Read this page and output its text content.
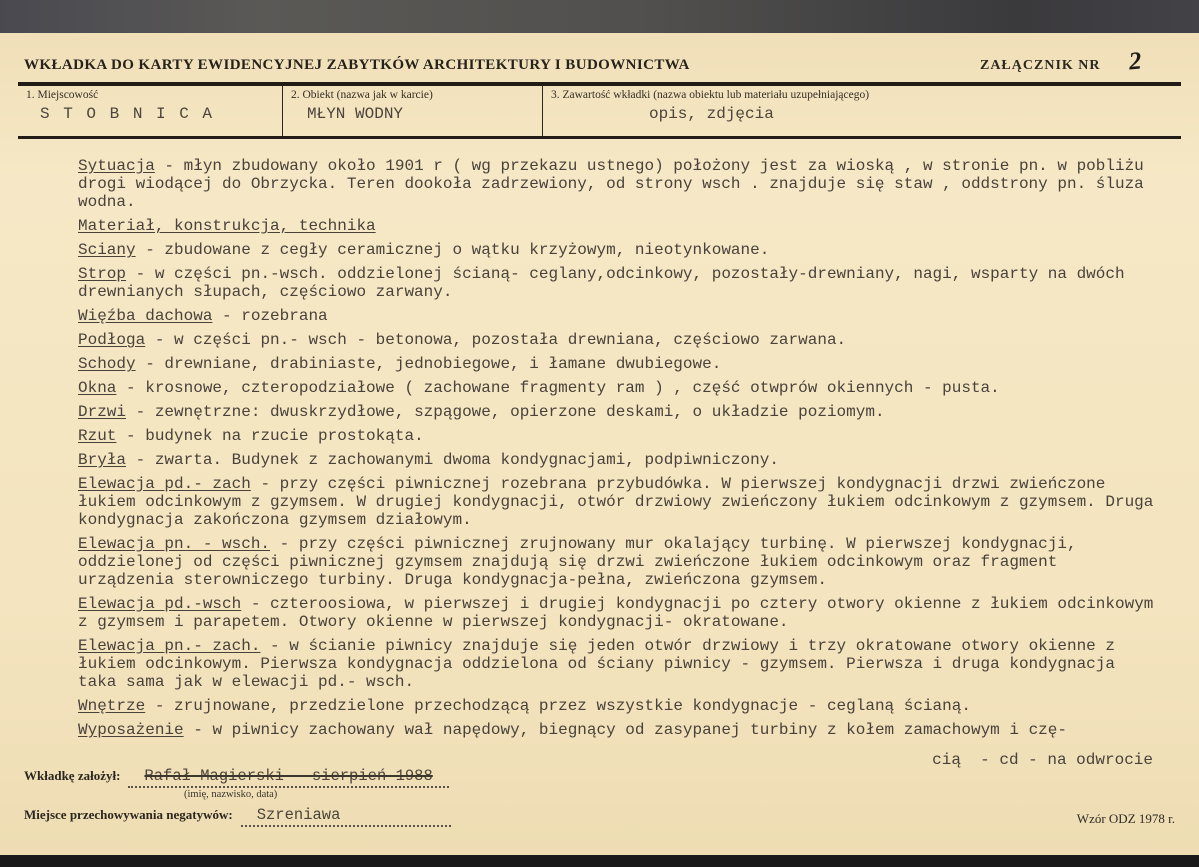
WKŁADKA DO KARTY EWIDENCYJNEJ ZABYTKÓW ARCHITEKTURY I BUDOWNICTWA	ZAŁĄCZNIK NR 2
1. Miejscowość
S T O B N I C A
2. Obiekt (nazwa jak w karcie)
MŁYN WODNY
3. Zawartość wkładki (nazwa obiektu lub materiału uzupełniającego)
opis, zdjęcia

Sytuacja - młyn zbudowany około 1901 r ( wg przekazu ustnego) położony jest za wioską , w stronie pn. w pobliżu drogi wiodącej do Obrzycka. Teren dookoła zadrzewiony, od strony wsch . znajduje się staw , oddstrony pn. śluza wodna.

Materiał, konstrukcja, technika

Sciany - zbudowane z cegły ceramicznej o wątku krzyżowym, nieotynkowane.

Strop - w części pn.-wsch. oddzielonej ścianą- ceglany,odcinkowy, pozostały-drewniany, nagi, wsparty na dwóch drewnianych słupach, częściowo zarwany.

Więźba dachowa - rozebrana

Podłoga - w części pn.- wsch - betonowa, pozostała drewniana, częściowo zarwana.

Schody - drewniane, drabiniaste, jednobiegowe, i łamane dwubiegowe.

Okna - krosnowe, czteropodziałowe ( zachowane fragmenty ram ) , część otwprów okiennych - pusta.

Drzwi - zewnętrzne: dwuskrzydłowe, szpągowe, opierzone deskami, o układzie poziomym.

Rzut - budynek na rzucie prostokąta.

Bryła - zwarta. Budynek z zachowanymi dwoma kondygnacjami, podpiwniczony.

Elewacja pd.- zach - przy części piwnicznej rozebrana przybudówka. W pierwszej kondygnacji drzwi zwieńczone łukiem odcinkowym z gzymsem. W drugiej kondygnacji, otwór drzwiowy zwieńczony łukiem odcinkowym z gzymsem. Druga kondygnacja zakończona gzymsem działowym.

Elewacja pn. - wsch. - przy części piwnicznej zrujnowany mur okalający turbinę. W pierwszej kondygnacji, oddzielonej od części piwnicznej gzymsem znajdują się drzwi zwieńczone łukiem odcinkowym oraz fragment urządzenia sterowniczego turbiny. Druga kondygnacja-pełna, zwieńczona gzymsem.

Elewacja pd.-wsch - czteroosiowa, w pierwszej i drugiej kondygnacji po cztery otwory okienne z łukiem odcinkowym z gzymsem i parapetem. Otwory okienne w pierwszej kondygnacji- okratowane.

Elewacja pn.- zach. - w ścianie piwnicy znajduje się jeden otwór drzwiowy i trzy okratowane otwory okienne z łukiem odcinkowym. Pierwsza kondygnacja oddzielona od ściany piwnicy - gzymsem. Pierwsza i druga kondygnacja taka sama jak w elewacji pd.- wsch.

Wnętrze - zrujnowane, przedzielone przechodzącą przez wszystkie kondygnacje - ceglaną ścianą.

Wyposażenie - w piwnicy zachowany wał napędowy, biegnący od zasypanej turbiny z kołem zamachowym i czę-

cią  - cd - na odwrocie
Wkładkę założył:	Rafał Magierski - sierpień 1988
(imię, nazwisko, data)
Miejsce przechowywania negatywów:	Szreniawa	Wzór ODZ 1978 r.
